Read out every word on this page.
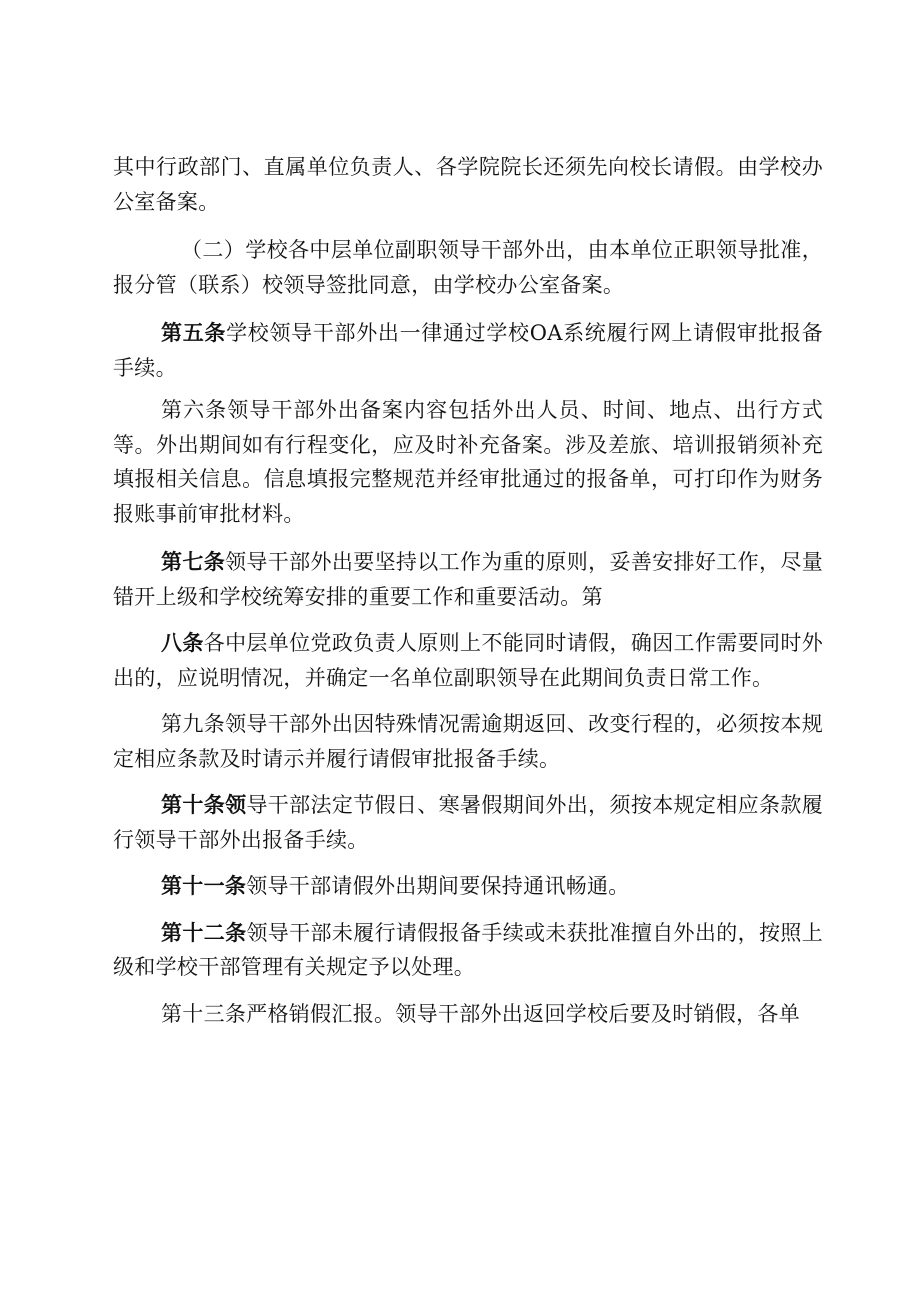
其中行政部门、直属单位负责人、各学院院长还须先向校长请假。由学校办公室备案。

（二）学校各中层单位副职领导干部外出，由本单位正职领导批准，报分管（联系）校领导签批同意，由学校办公室备案。

第五条学校领导干部外出一律通过学校OA系统履行网上请假审批报备手续。

第六条领导干部外出备案内容包括外出人员、时间、地点、出行方式等。外出期间如有行程变化，应及时补充备案。涉及差旅、培训报销须补充填报相关信息。信息填报完整规范并经审批通过的报备单，可打印作为财务报账事前审批材料。

第七条领导干部外出要坚持以工作为重的原则，妥善安排好工作，尽量错开上级和学校统筹安排的重要工作和重要活动。第

八条各中层单位党政负责人原则上不能同时请假，确因工作需要同时外出的，应说明情况，并确定一名单位副职领导在此期间负责日常工作。

第九条领导干部外出因特殊情况需逾期返回、改变行程的，必须按本规定相应条款及时请示并履行请假审批报备手续。

第十条领导干部法定节假日、寒暑假期间外出，须按本规定相应条款履行领导干部外出报备手续。

第十一条领导干部请假外出期间要保持通讯畅通。

第十二条领导干部未履行请假报备手续或未获批准擅自外出的，按照上级和学校干部管理有关规定予以处理。

第十三条严格销假汇报。领导干部外出返回学校后要及时销假，各单
